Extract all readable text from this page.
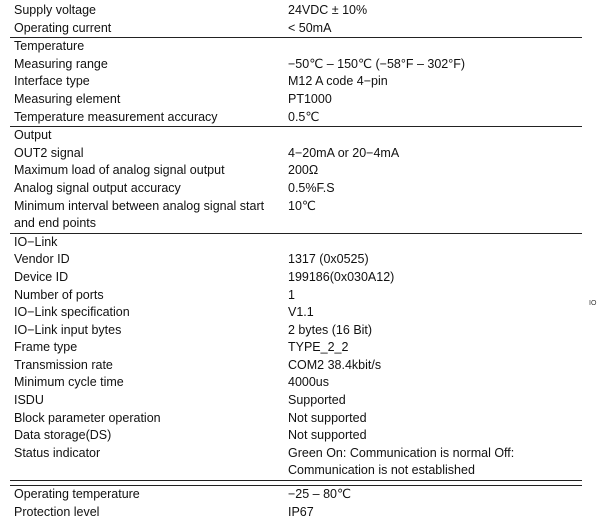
Supply voltage	24VDC ± 10%
Operating current	< 50mA
Temperature	
Measuring range	−50℃ – 150℃ (−58°F – 302°F)
Interface type	M12 A code 4−pin
Measuring element	PT1000
Temperature measurement accuracy	0.5℃
Output	
OUT2 signal	4−20mA or 20−4mA
Maximum load of analog signal output	200Ω
Analog signal output accuracy	0.5%F.S
Minimum interval between analog signal start and end points	10℃
IO−Link	
Vendor ID	1317 (0x0525)
Device ID	199186(0x030A12)
Number of ports	1
IO−Link specification	V1.1
IO−Link input bytes	2 bytes (16 Bit)
Frame type	TYPE_2_2
Transmission rate	COM2 38.4kbit/s
Minimum cycle time	4000us
ISDU	Supported
Block parameter operation	Not supported
Data storage(DS)	Not supported
Status indicator	Green On: Communication is normal Off: Communication is not established

Operating temperature	−25 – 80℃
Protection level	IP67
IO
